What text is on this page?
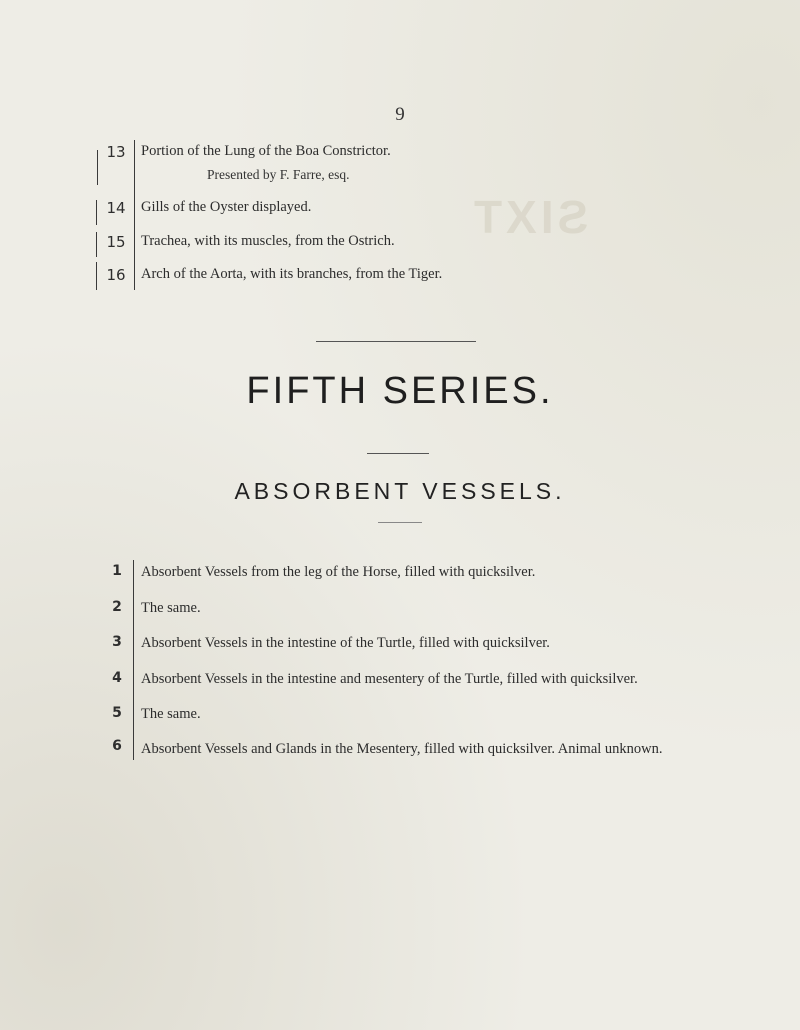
SIXT
9
13	Portion of the Lung of the Boa Constrictor.
Presented by F. Farre, esq.
14	Gills of the Oyster displayed.
15	Trachea, with its muscles, from the Ostrich.
16	Arch of the Aorta, with its branches, from the Tiger.
FIFTH SERIES.
ABSORBENT VESSELS.
1	Absorbent Vessels from the leg of the Horse, filled with quicksilver.
2	The same.
3	Absorbent Vessels in the intestine of the Turtle, filled with quicksilver.
4	Absorbent Vessels in the intestine and mesentery of the Turtle, filled with quicksilver.
5	The same.
6	Absorbent Vessels and Glands in the Mesentery, filled with quicksilver. Animal unknown.
